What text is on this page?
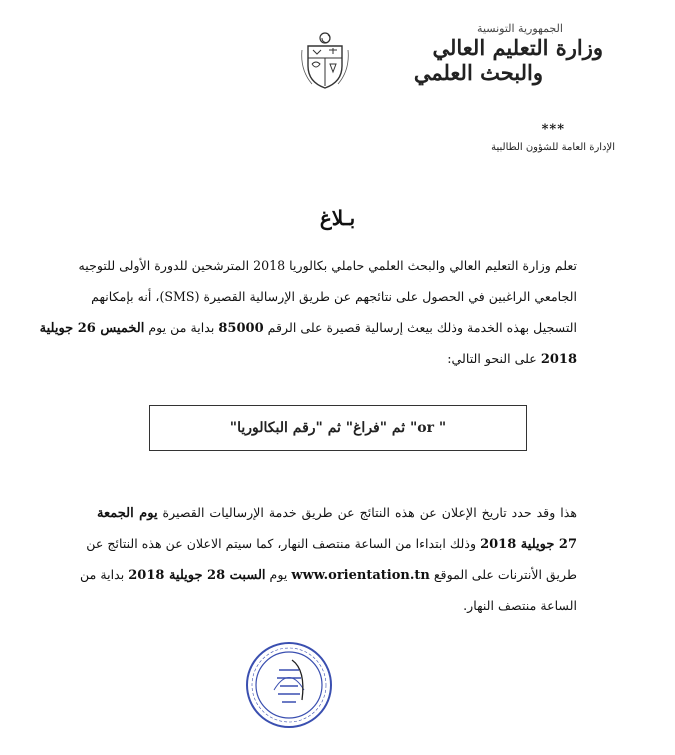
الجمهورية التونسية
وزارة التعليم العالي
والبحث العلمي
***
الإدارة العامة للشؤون الطالبية
بـلاغ
تعلم وزارة التعليم العالي والبحث العلمي حاملي بكالوريا 2018 المترشحين للدورة الأولى للتوجيه
الجامعي الراغبين في الحصول على نتائجهم عن طريق الإرسالية القصيرة (SMS)، أنه بإمكانهم
التسجيل بهذه الخدمة وذلك بيعث إرسالية قصيرة على الرقم 85000 بداية من يوم الخميس 26 جويلية
2018 على النحو التالي:
" or" ثم "فراغ" ثم "رقم البكالوريا"
هذا وقد حدد تاريخ الإعلان عن هذه النتائج عن طريق خدمة الإرساليات القصيرة يوم الجمعة
27 جويلية 2018 وذلك ابتداءا من الساعة منتصف النهار، كما سيتم الاعلان عن هذه النتائج عن
طريق الأنترنات على الموقع www.orientation.tn يوم السبت 28 جويلية 2018 بداية من
الساعة منتصف النهار.
